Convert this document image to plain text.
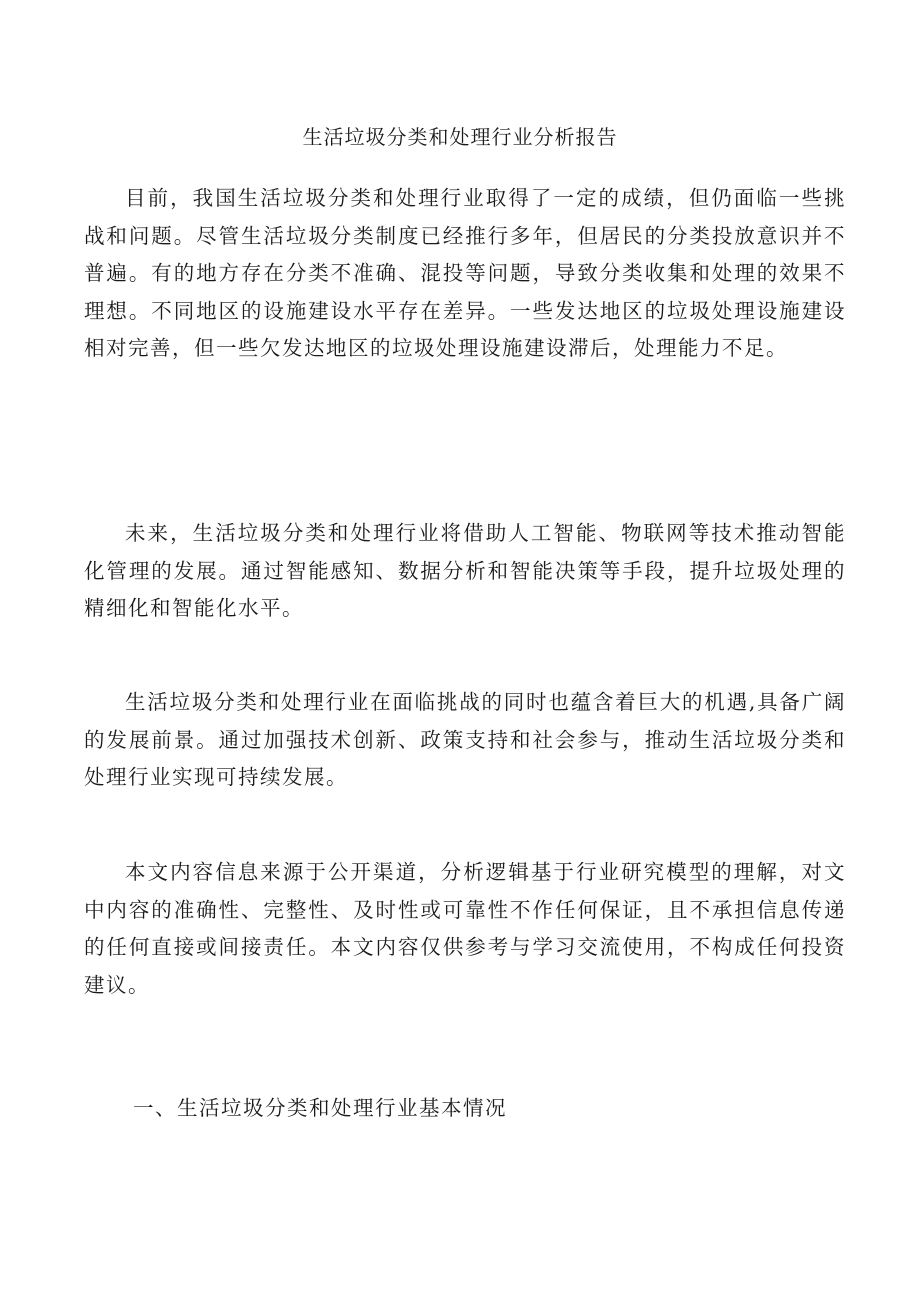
生活垃圾分类和处理行业分析报告

目前，我国生活垃圾分类和处理行业取得了一定的成绩，但仍面临一些挑战和问题。尽管生活垃圾分类制度已经推行多年，但居民的分类投放意识并不普遍。有的地方存在分类不准确、混投等问题，导致分类收集和处理的效果不理想。不同地区的设施建设水平存在差异。一些发达地区的垃圾处理设施建设相对完善，但一些欠发达地区的垃圾处理设施建设滞后，处理能力不足。

未来，生活垃圾分类和处理行业将借助人工智能、物联网等技术推动智能化管理的发展。通过智能感知、数据分析和智能决策等手段，提升垃圾处理的精细化和智能化水平。

生活垃圾分类和处理行业在面临挑战的同时也蕴含着巨大的机遇,具备广阔的发展前景。通过加强技术创新、政策支持和社会参与，推动生活垃圾分类和处理行业实现可持续发展。

本文内容信息来源于公开渠道，分析逻辑基于行业研究模型的理解，对文中内容的准确性、完整性、及时性或可靠性不作任何保证，且不承担信息传递的任何直接或间接责任。本文内容仅供参考与学习交流使用，不构成任何投资建议。

一、生活垃圾分类和处理行业基本情况
